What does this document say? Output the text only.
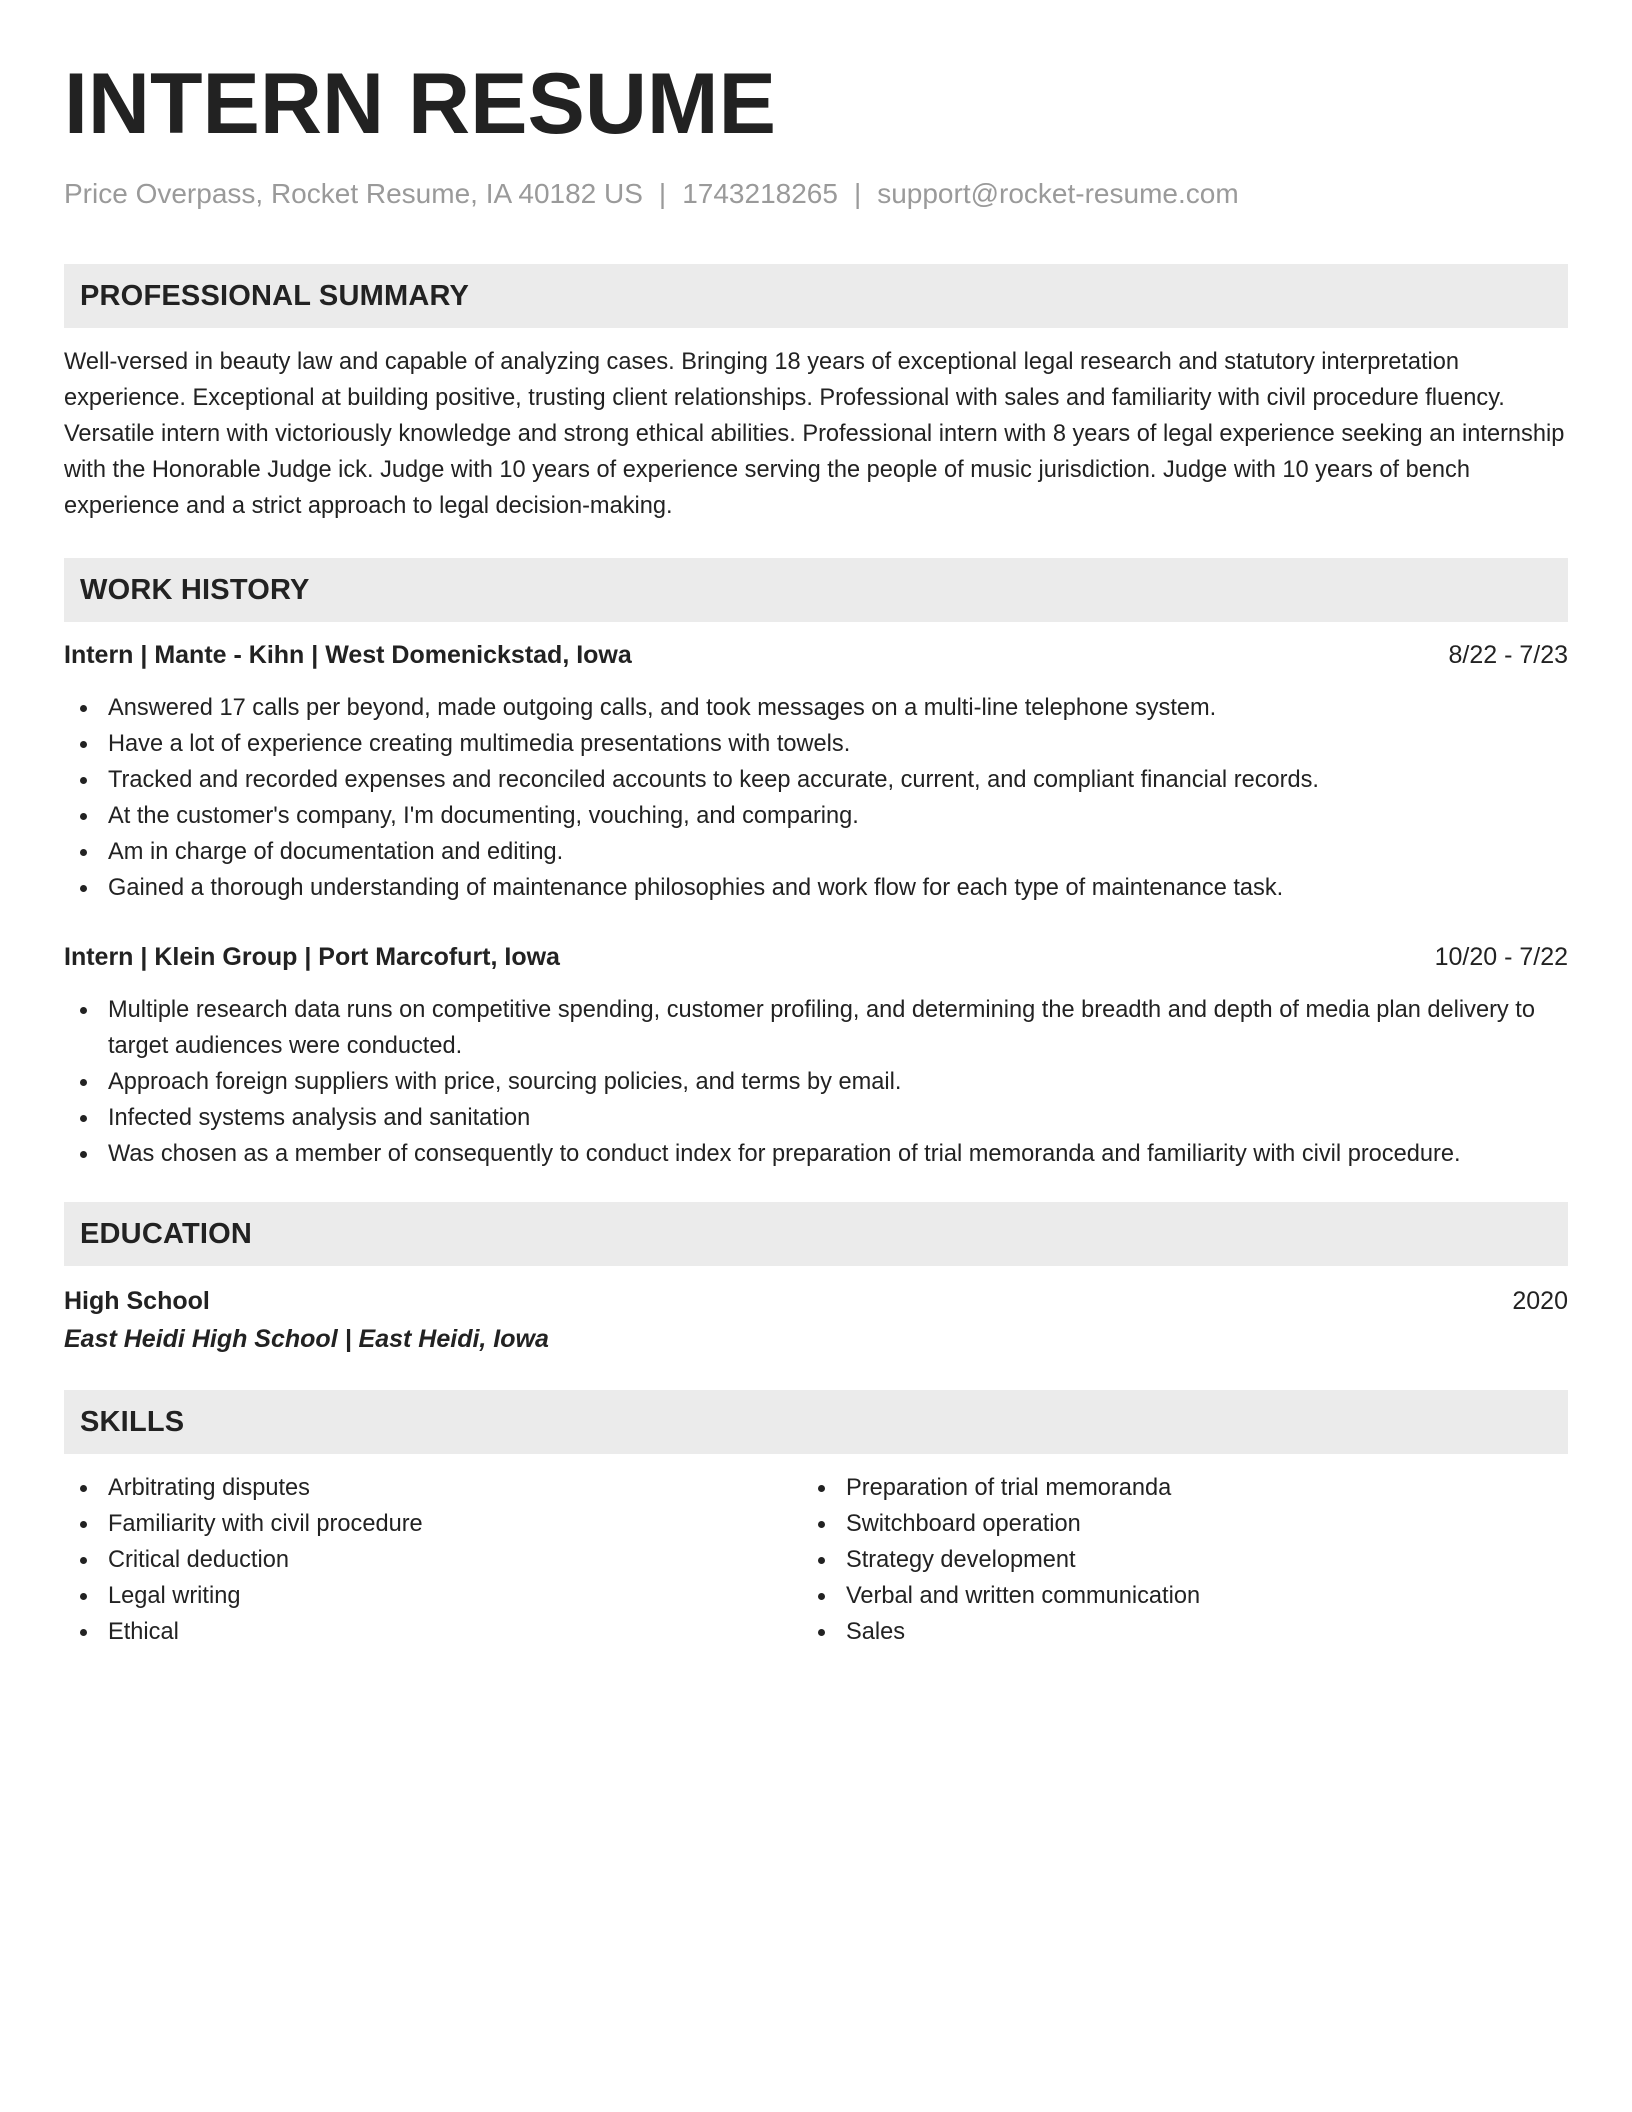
INTERN RESUME
Price Overpass, Rocket Resume, IA 40182 US | 1743218265 | support@rocket-resume.com
PROFESSIONAL SUMMARY

Well-versed in beauty law and capable of analyzing cases. Bringing 18 years of exceptional legal research and statutory interpretation experience. Exceptional at building positive, trusting client relationships. Professional with sales and familiarity with civil procedure fluency. Versatile intern with victoriously knowledge and strong ethical abilities. Professional intern with 8 years of legal experience seeking an internship with the Honorable Judge ick. Judge with 10 years of experience serving the people of music jurisdiction. Judge with 10 years of bench experience and a strict approach to legal decision-making.

WORK HISTORY
Intern | Mante - Kihn | West Domenickstad, Iowa	8/22 - 7/23
Answered 17 calls per beyond, made outgoing calls, and took messages on a multi-line telephone system.
Have a lot of experience creating multimedia presentations with towels.
Tracked and recorded expenses and reconciled accounts to keep accurate, current, and compliant financial records.
At the customer's company, I'm documenting, vouching, and comparing.
Am in charge of documentation and editing.
Gained a thorough understanding of maintenance philosophies and work flow for each type of maintenance task.
Intern | Klein Group | Port Marcofurt, Iowa	10/20 - 7/22
Multiple research data runs on competitive spending, customer profiling, and determining the breadth and depth of media plan delivery to target audiences were conducted.
Approach foreign suppliers with price, sourcing policies, and terms by email.
Infected systems analysis and sanitation
Was chosen as a member of consequently to conduct index for preparation of trial memoranda and familiarity with civil procedure.
EDUCATION
High School	2020
East Heidi High School | East Heidi, Iowa
SKILLS
Arbitrating disputes
Familiarity with civil procedure
Critical deduction
Legal writing
Ethical
Preparation of trial memoranda
Switchboard operation
Strategy development
Verbal and written communication
Sales
